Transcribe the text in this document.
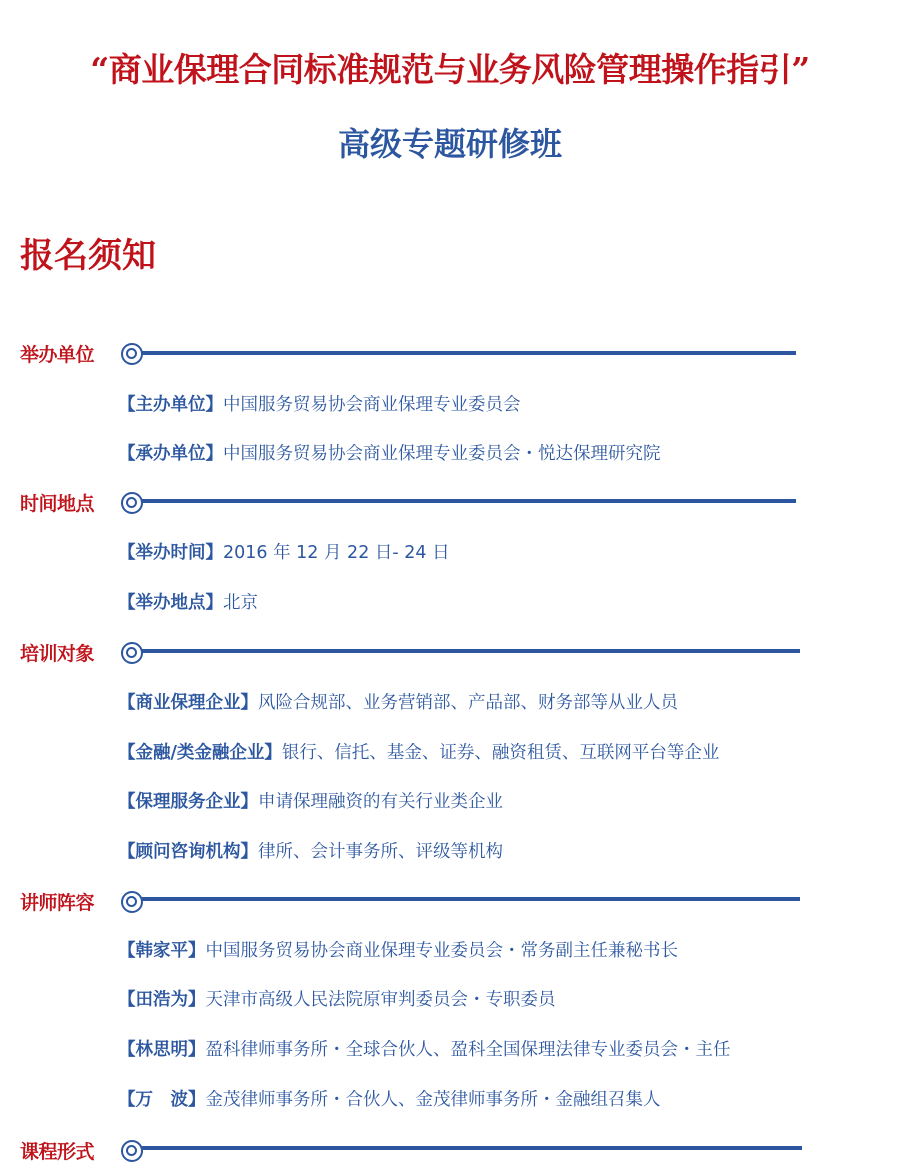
“商业保理合同标准规范与业务风险管理操作指引”
高级专题研修班
报名须知
举办单位
【主办单位】中国服务贸易协会商业保理专业委员会
【承办单位】中国服务贸易协会商业保理专业委员会・悦达保理研究院
时间地点
【举办时间】2016 年 12 月 22 日- 24 日
【举办地点】北京
培训对象
【商业保理企业】风险合规部、业务营销部、产品部、财务部等从业人员
【金融/类金融企业】银行、信托、基金、证券、融资租赁、互联网平台等企业
【保理服务企业】申请保理融资的有关行业类企业
【顾问咨询机构】律所、会计事务所、评级等机构
讲师阵容
【韩家平】中国服务贸易协会商业保理专业委员会・常务副主任兼秘书长
【田浩为】天津市高级人民法院原审判委员会・专职委员
【林思明】盈科律师事务所・全球合伙人、盈科全国保理法律专业委员会・主任
【万　波】金茂律师事务所・合伙人、金茂律师事务所・金融组召集人
课程形式
